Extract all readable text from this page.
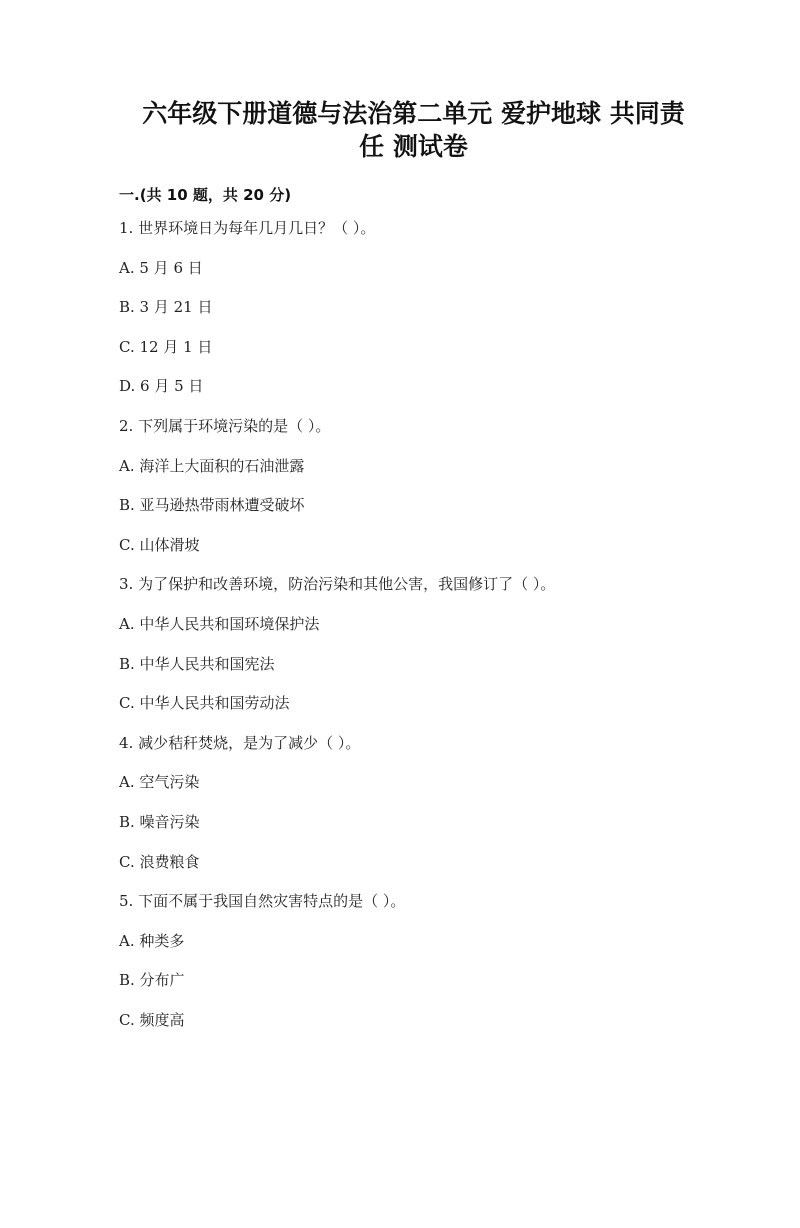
六年级下册道德与法治第二单元 爱护地球 共同责
任 测试卷
一.(共 10 题，共 20 分)
1. 世界环境日为每年几月几日？（ ）。
A. 5 月 6 日
B. 3 月 21 日
C. 12 月 1 日
D. 6 月 5 日
2. 下列属于环境污染的是（ ）。
A. 海洋上大面积的石油泄露
B. 亚马逊热带雨林遭受破坏
C. 山体滑坡
3. 为了保护和改善环境，防治污染和其他公害，我国修订了（ ）。
A. 中华人民共和国环境保护法
B. 中华人民共和国宪法
C. 中华人民共和国劳动法
4. 减少秸秆焚烧，是为了减少（ ）。
A. 空气污染
B. 噪音污染
C. 浪费粮食
5. 下面不属于我国自然灾害特点的是（ ）。
A. 种类多
B. 分布广
C. 频度高
